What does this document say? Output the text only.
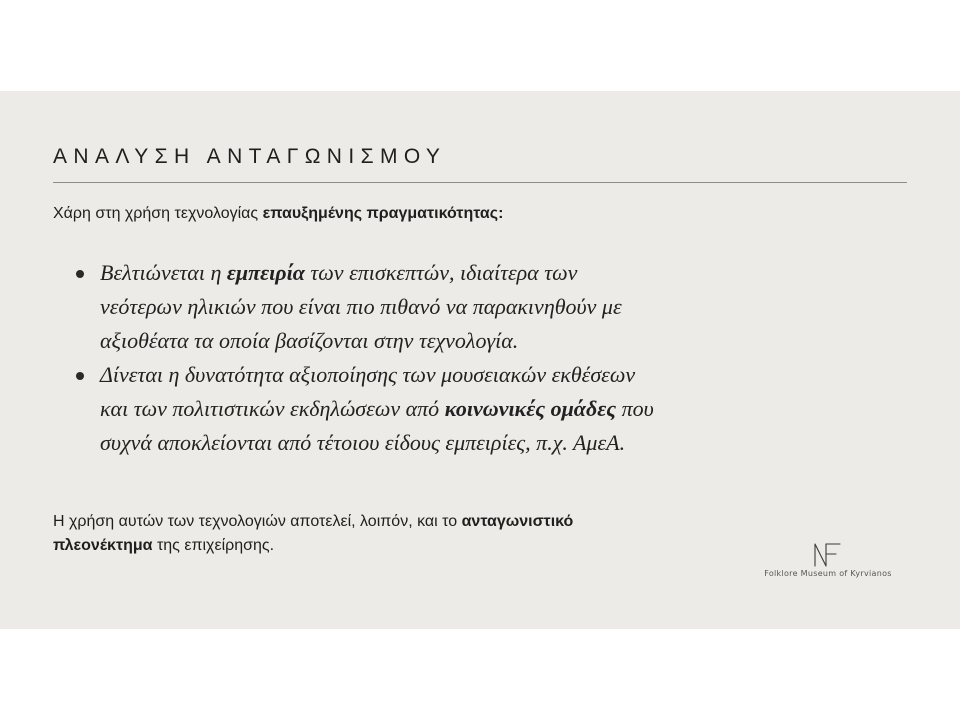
ΑΝΑΛΥΣΗ ΑΝΤΑΓΩΝΙΣΜΟΥ

Χάρη στη χρήση τεχνολογίας επαυξημένης πραγματικότητας:

Βελτιώνεται η εμπειρία των επισκεπτών, ιδιαίτερα των
νεότερων ηλικιών που είναι πιο πιθανό να παρακινηθούν με
αξιοθέατα τα οποία βασίζονται στην τεχνολογία.
Δίνεται η δυνατότητα αξιοποίησης των μουσειακών εκθέσεων
και των πολιτιστικών εκδηλώσεων από κοινωνικές ομάδες που
συχνά αποκλείονται από τέτοιου είδους εμπειρίες, π.χ. ΑμεΑ.

Η χρήση αυτών των τεχνολογιών αποτελεί, λοιπόν, και το ανταγωνιστικό
πλεονέκτημα της επιχείρησης.

Folklore Museum of Kyrvianos
